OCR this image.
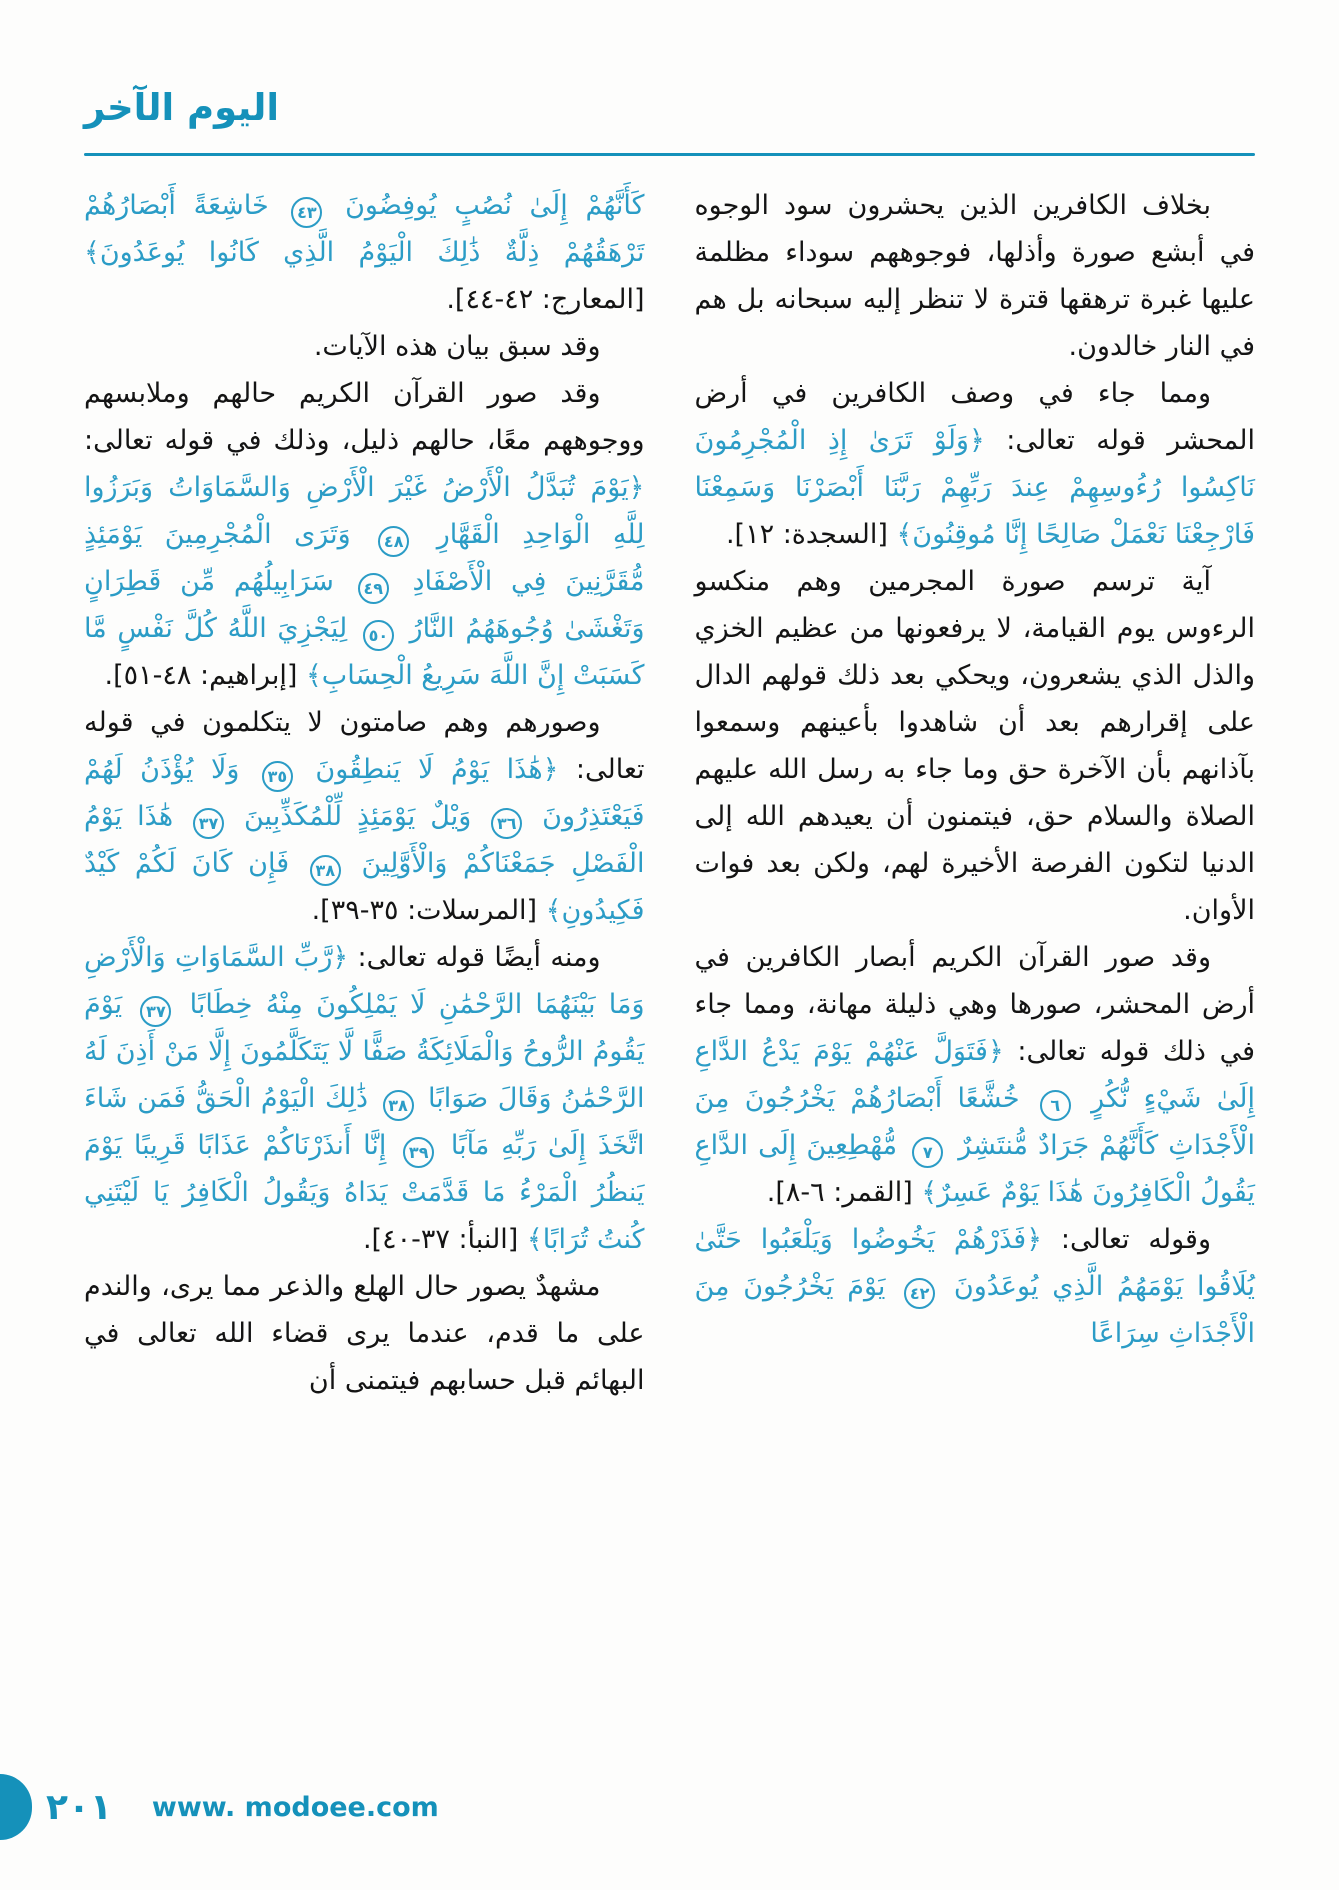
اليوم الآخر

بخلاف الكافرين الذين يحشرون سود الوجوه في أبشع صورة وأذلها، فوجوههم سوداء مظلمة عليها غبرة ترهقها قترة لا تنظر إليه سبحانه بل هم في النار خالدون.

ومما جاء في وصف الكافرين في أرض المحشر قوله تعالى: ﴿وَلَوْ تَرَىٰ إِذِ الْمُجْرِمُونَ نَاكِسُوا رُءُوسِهِمْ عِندَ رَبِّهِمْ رَبَّنَا أَبْصَرْنَا وَسَمِعْنَا فَارْجِعْنَا نَعْمَلْ صَالِحًا إِنَّا مُوقِنُونَ﴾ [السجدة: ١٢].

آية ترسم صورة المجرمين وهم منكسو الرءوس يوم القيامة، لا يرفعونها من عظيم الخزي والذل الذي يشعرون، ويحكي بعد ذلك قولهم الدال على إقرارهم بعد أن شاهدوا بأعينهم وسمعوا بآذانهم بأن الآخرة حق وما جاء به رسل الله عليهم الصلاة والسلام حق، فيتمنون أن يعيدهم الله إلى الدنيا لتكون الفرصة الأخيرة لهم، ولكن بعد فوات الأوان.

وقد صور القرآن الكريم أبصار الكافرين في أرض المحشر، صورها وهي ذليلة مهانة، ومما جاء في ذلك قوله تعالى: ﴿فَتَوَلَّ عَنْهُمْ يَوْمَ يَدْعُ الدَّاعِ إِلَىٰ شَيْءٍ نُّكُرٍ ٦ خُشَّعًا أَبْصَارُهُمْ يَخْرُجُونَ مِنَ الْأَجْدَاثِ كَأَنَّهُمْ جَرَادٌ مُّنتَشِرٌ ٧ مُّهْطِعِينَ إِلَى الدَّاعِ يَقُولُ الْكَافِرُونَ هَٰذَا يَوْمٌ عَسِرٌ﴾ [القمر: ٦-٨].

وقوله تعالى: ﴿فَذَرْهُمْ يَخُوضُوا وَيَلْعَبُوا حَتَّىٰ يُلَاقُوا يَوْمَهُمُ الَّذِي يُوعَدُونَ ٤٢ يَوْمَ يَخْرُجُونَ مِنَ الْأَجْدَاثِ سِرَاعًا

كَأَنَّهُمْ إِلَىٰ نُصُبٍ يُوفِضُونَ ٤٣ خَاشِعَةً أَبْصَارُهُمْ تَرْهَقُهُمْ ذِلَّةٌ ذَٰلِكَ الْيَوْمُ الَّذِي كَانُوا يُوعَدُونَ﴾ [المعارج: ٤٢-٤٤].

وقد سبق بيان هذه الآيات.

وقد صور القرآن الكريم حالهم وملابسهم ووجوههم معًا، حالهم ذليل، وذلك في قوله تعالى: ﴿يَوْمَ تُبَدَّلُ الْأَرْضُ غَيْرَ الْأَرْضِ وَالسَّمَاوَاتُ وَبَرَزُوا لِلَّهِ الْوَاحِدِ الْقَهَّارِ ٤٨ وَتَرَى الْمُجْرِمِينَ يَوْمَئِذٍ مُّقَرَّنِينَ فِي الْأَصْفَادِ ٤٩ سَرَابِيلُهُم مِّن قَطِرَانٍ وَتَغْشَىٰ وُجُوهَهُمُ النَّارُ ٥٠ لِيَجْزِيَ اللَّهُ كُلَّ نَفْسٍ مَّا كَسَبَتْ إِنَّ اللَّهَ سَرِيعُ الْحِسَابِ﴾ [إبراهيم: ٤٨-٥١].

وصورهم وهم صامتون لا يتكلمون في قوله تعالى: ﴿هَٰذَا يَوْمُ لَا يَنطِقُونَ ٣٥ وَلَا يُؤْذَنُ لَهُمْ فَيَعْتَذِرُونَ ٣٦ وَيْلٌ يَوْمَئِذٍ لِّلْمُكَذِّبِينَ ٣٧ هَٰذَا يَوْمُ الْفَصْلِ جَمَعْنَاكُمْ وَالْأَوَّلِينَ ٣٨ فَإِن كَانَ لَكُمْ كَيْدٌ فَكِيدُونِ﴾ [المرسلات: ٣٥-٣٩].

ومنه أيضًا قوله تعالى: ﴿رَّبِّ السَّمَاوَاتِ وَالْأَرْضِ وَمَا بَيْنَهُمَا الرَّحْمَٰنِ لَا يَمْلِكُونَ مِنْهُ خِطَابًا ٣٧ يَوْمَ يَقُومُ الرُّوحُ وَالْمَلَائِكَةُ صَفًّا لَّا يَتَكَلَّمُونَ إِلَّا مَنْ أَذِنَ لَهُ الرَّحْمَٰنُ وَقَالَ صَوَابًا ٣٨ ذَٰلِكَ الْيَوْمُ الْحَقُّ فَمَن شَاءَ اتَّخَذَ إِلَىٰ رَبِّهِ مَآبًا ٣٩ إِنَّا أَنذَرْنَاكُمْ عَذَابًا قَرِيبًا يَوْمَ يَنظُرُ الْمَرْءُ مَا قَدَّمَتْ يَدَاهُ وَيَقُولُ الْكَافِرُ يَا لَيْتَنِي كُنتُ تُرَابًا﴾ [النبأ: ٣٧-٤٠].

مشهدٌ يصور حال الهلع والذعر مما يرى، والندم على ما قدم، عندما يرى قضاء الله تعالى في البهائم قبل حسابهم فيتمنى أن

٢٠١ www. modoee.com
